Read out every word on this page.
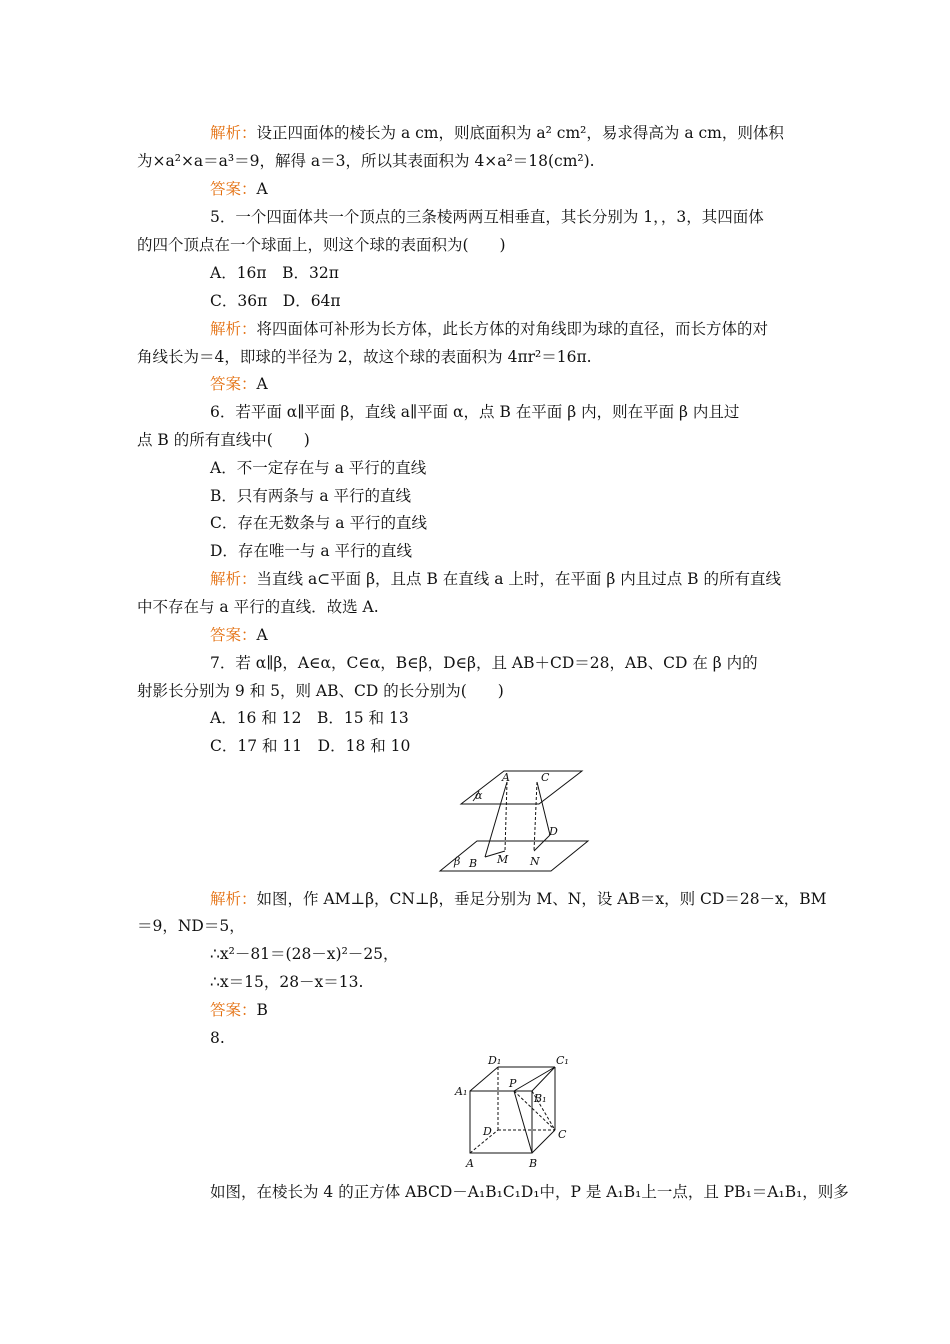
解析：设正四面体的棱长为 a cm，则底面积为 a² cm²，易求得高为 a cm，则体积
为×a²×a＝a³＝9，解得 a＝3，所以其表面积为 4×a²＝18(cm²).
答案：A
5．一个四面体共一个顶点的三条棱两两互相垂直，其长分别为 1，，3，其四面体
的四个顶点在一个球面上，则这个球的表面积为(　　)
A．16π　B．32π
C．36π　D．64π
解析：将四面体可补形为长方体，此长方体的对角线即为球的直径，而长方体的对
角线长为＝4，即球的半径为 2，故这个球的表面积为 4πr²＝16π.
答案：A
6．若平面 α∥平面 β，直线 a∥平面 α，点 B 在平面 β 内，则在平面 β 内且过
点 B 的所有直线中(　　)
A．不一定存在与 a 平行的直线
B．只有两条与 a 平行的直线
C．存在无数条与 a 平行的直线
D．存在唯一与 a 平行的直线
解析：当直线 a⊂平面 β，且点 B 在直线 a 上时，在平面 β 内且过点 B 的所有直线
中不存在与 a 平行的直线．故选 A.
答案：A
7．若 α∥β，A∈α，C∈α，B∈β，D∈β，且 AB＋CD＝28，AB、CD 在 β 内的
射影长分别为 9 和 5，则 AB、CD 的长分别为(　　)
A．16 和 12　B．15 和 13
C．17 和 11　D．18 和 10
A	C
α
D
β B M N
解析：如图，作 AM⊥β，CN⊥β，垂足分别为 M、N，设 AB＝x，则 CD＝28－x，BM
＝9，ND＝5，
∴x²－81＝(28－x)²－25，
∴x＝15，28－x＝13.
答案：B
8.
D₁	C₁
P
A₁
B₁
D	C
A	B
如图，在棱长为 4 的正方体 ABCD－A₁B₁C₁D₁中，P 是 A₁B₁上一点，且 PB₁＝A₁B₁，则多
